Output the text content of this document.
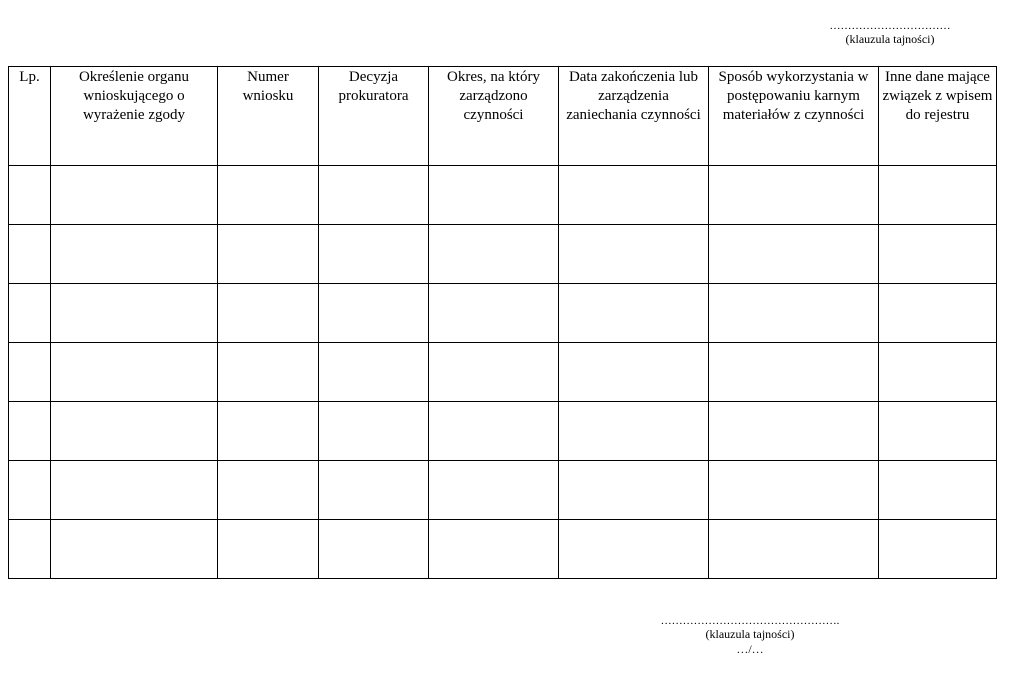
……………………………
(klauzula tajności)
Lp.	Określenie organu wnioskującego o wyrażenie zgody	Numer wniosku	Decyzja prokuratora	Okres, na który zarządzono czynności	Data zakończenia lub zarządzenia zaniechania czynności	Sposób wykorzystania w postępowaniu karnym materiałów z czynności	Inne dane mające związek z wpisem do rejestru

………………………………………….
(klauzula tajności)
…/…
